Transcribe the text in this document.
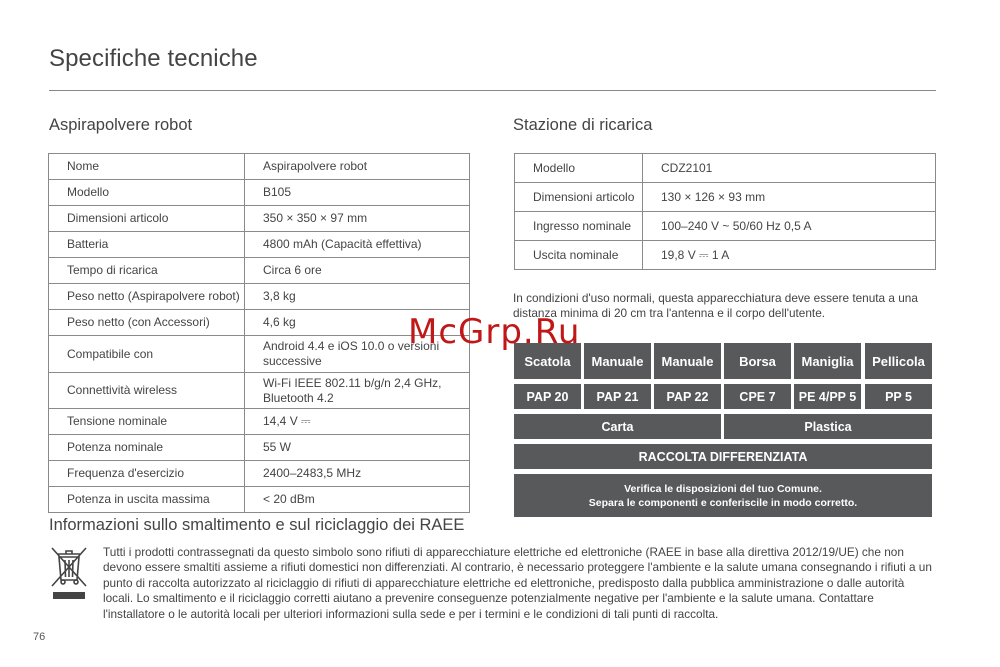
Specifiche tecniche
Aspirapolvere robot
Nome	Aspirapolvere robot
Modello	B105
Dimensioni articolo	350 × 350 × 97 mm
Batteria	4800 mAh (Capacità effettiva)
Tempo di ricarica	Circa 6 ore
Peso netto (Aspirapolvere robot)	3,8 kg
Peso netto (con Accessori)	4,6 kg
Compatibile con	Android 4.4 e iOS 10.0 o versioni successive
Connettività wireless	Wi-Fi IEEE 802.11 b/g/n 2,4 GHz, Bluetooth 4.2
Tensione nominale	14,4 V ⎓
Potenza nominale	55 W
Frequenza d'esercizio	2400–2483,5 MHz
Potenza in uscita massima	< 20 dBm
Stazione di ricarica
Modello	CDZ2101
Dimensioni articolo	130 × 126 × 93 mm
Ingresso nominale	100–240 V ~ 50/60 Hz 0,5 A
Uscita nominale	19,8 V ⎓ 1 A
In condizioni d'uso normali, questa apparecchiatura deve essere tenuta a una distanza minima di 20 cm tra l'antenna e il corpo dell'utente.
Scatola	Manuale	Manuale	Borsa	Maniglia	Pellicola
PAP 20	PAP 21	PAP 22	CPE 7	PE 4/PP 5	PP 5
Carta	Plastica
RACCOLTA DIFFERENZIATA
Verifica le disposizioni del tuo Comune.
Separa le componenti e conferiscile in modo corretto.
Informazioni sullo smaltimento e sul riciclaggio dei RAEE
Tutti i prodotti contrassegnati da questo simbolo sono rifiuti di apparecchiature elettriche ed elettroniche (RAEE in base alla direttiva 2012/19/UE) che non devono essere smaltiti assieme a rifiuti domestici non differenziati. Al contrario, è necessario proteggere l'ambiente e la salute umana consegnando i rifiuti a un punto di raccolta autorizzato al riciclaggio di rifiuti di apparecchiature elettriche ed elettroniche, predisposto dalla pubblica amministrazione o dalle autorità locali. Lo smaltimento e il riciclaggio corretti aiutano a prevenire conseguenze potenzialmente negative per l'ambiente e la salute umana. Contattare l'installatore o le autorità locali per ulteriori informazioni sulla sede e per i termini e le condizioni di tali punti di raccolta.
76
McGrp.Ru
